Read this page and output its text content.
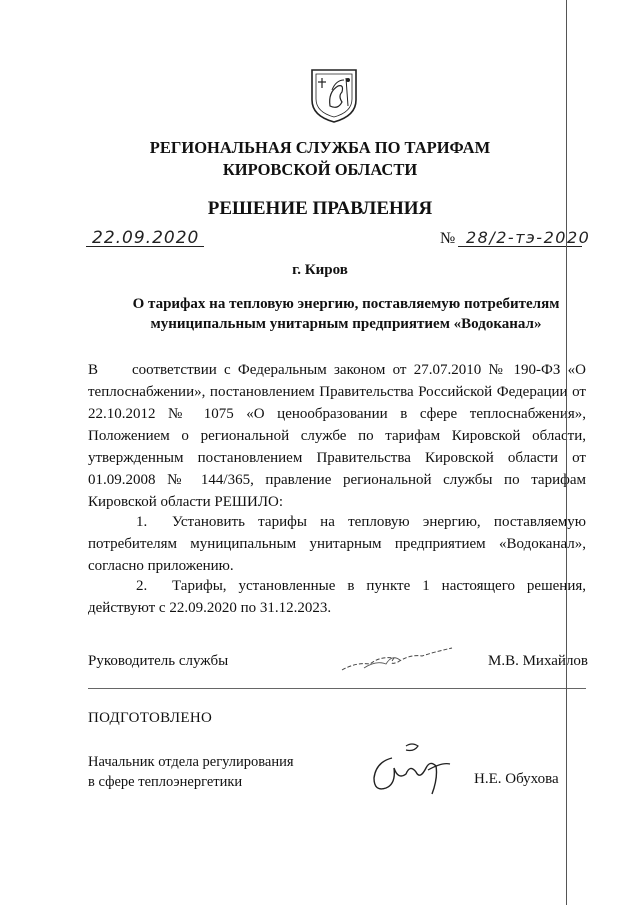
РЕГИОНАЛЬНАЯ СЛУЖБА ПО ТАРИФАМ
КИРОВСКОЙ ОБЛАСТИ
РЕШЕНИЕ ПРАВЛЕНИЯ
22.09.2020	№ 28/2-тэ-2020
г. Киров
О тарифах на тепловую энергию, поставляемую потребителям
муниципальным унитарным предприятием «Водоканал»
В соответствии с Федеральным законом от 27.07.2010 № 190-ФЗ «О теплоснабжении», постановлением Правительства Российской Федерации от 22.10.2012 № 1075 «О ценообразовании в сфере теплоснабжения», Положением о региональной службе по тарифам Кировской области, утвержденным постановлением Правительства Кировской области от 01.09.2008 № 144/365, правление региональной службы по тарифам Кировской области РЕШИЛО:
1. Установить тарифы на тепловую энергию, поставляемую потребителям муниципальным унитарным предприятием «Водоканал», согласно приложению.
2. Тарифы, установленные в пункте 1 настоящего решения, действуют с 22.09.2020 по 31.12.2023.
Руководитель службы	М.В. Михайлов
ПОДГОТОВЛЕНО
Начальник отдела регулирования
в сфере теплоэнергетики	Н.Е. Обухова
